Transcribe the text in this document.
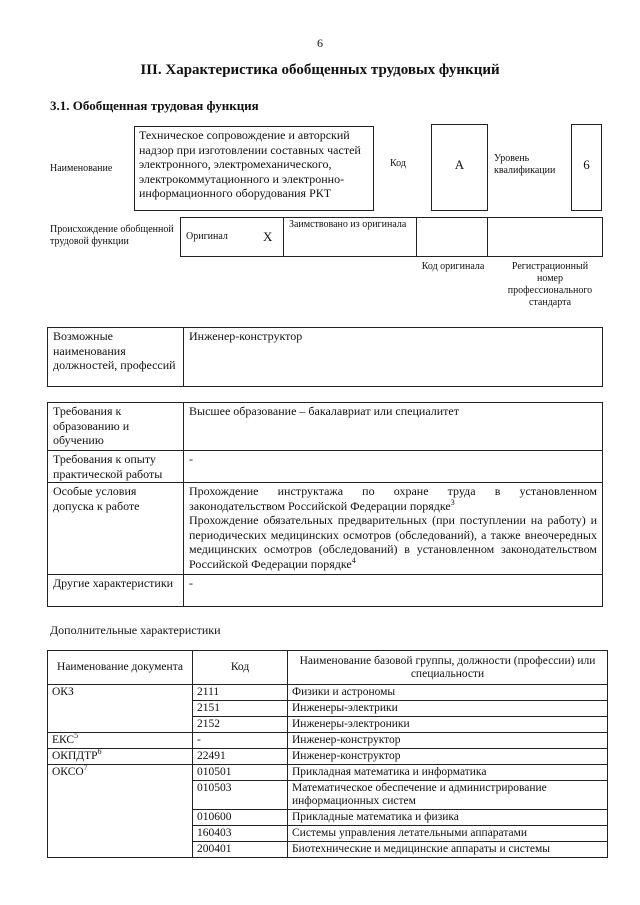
6
III. Характеристика обобщенных трудовых функций
3.1. Обобщенная трудовая функция
Наименование
Техническое сопровождение и авторский надзор при изготовлении составных частей электронного, электромеханического, электрокоммутационного и электронно-информационного оборудования РКТ
Код	А	Уровень квалификации	6
Происхождение обобщенной трудовой функции	Оригинал	Х	Заимствовано из оригинала		
Код оригинала	Регистрационный номер профессионального стандарта
Возможные наименования должностей, профессий	Инженер-конструктор
Требования к образованию и обучению	Высшее образование – бакалавриат или специалитет
Требования к опыту практической работы	-
Особые условия допуска к работе	Прохождение инструктажа по охране труда в установленном законодательством Российской Федерации порядке$^3$
Прохождение обязательных предварительных (при поступлении на работу) и периодических медицинских осмотров (обследований), а также внеочередных медицинских осмотров (обследований) в установленном законодательством Российской Федерации порядке$^4$

Другие характеристики	-
Дополнительные характеристики
Наименование документа	Код	Наименование базовой группы, должности (профессии) или специальности
ОКЗ	2111	Физики и астрономы
	2151	Инженеры-электрики
	2152	Инженеры-электроники
ЕКС$^5$	-	Инженер-конструктор
ОКПДТР$^6$	22491	Инженер-конструктор
ОКСО$^7$	010501	Прикладная математика и информатика
	010503	Математическое обеспечение и администрирование информационных систем
	010600	Прикладные математика и физика
	160403	Системы управления летательными аппаратами
	200401	Биотехнические и медицинские аппараты и системы
